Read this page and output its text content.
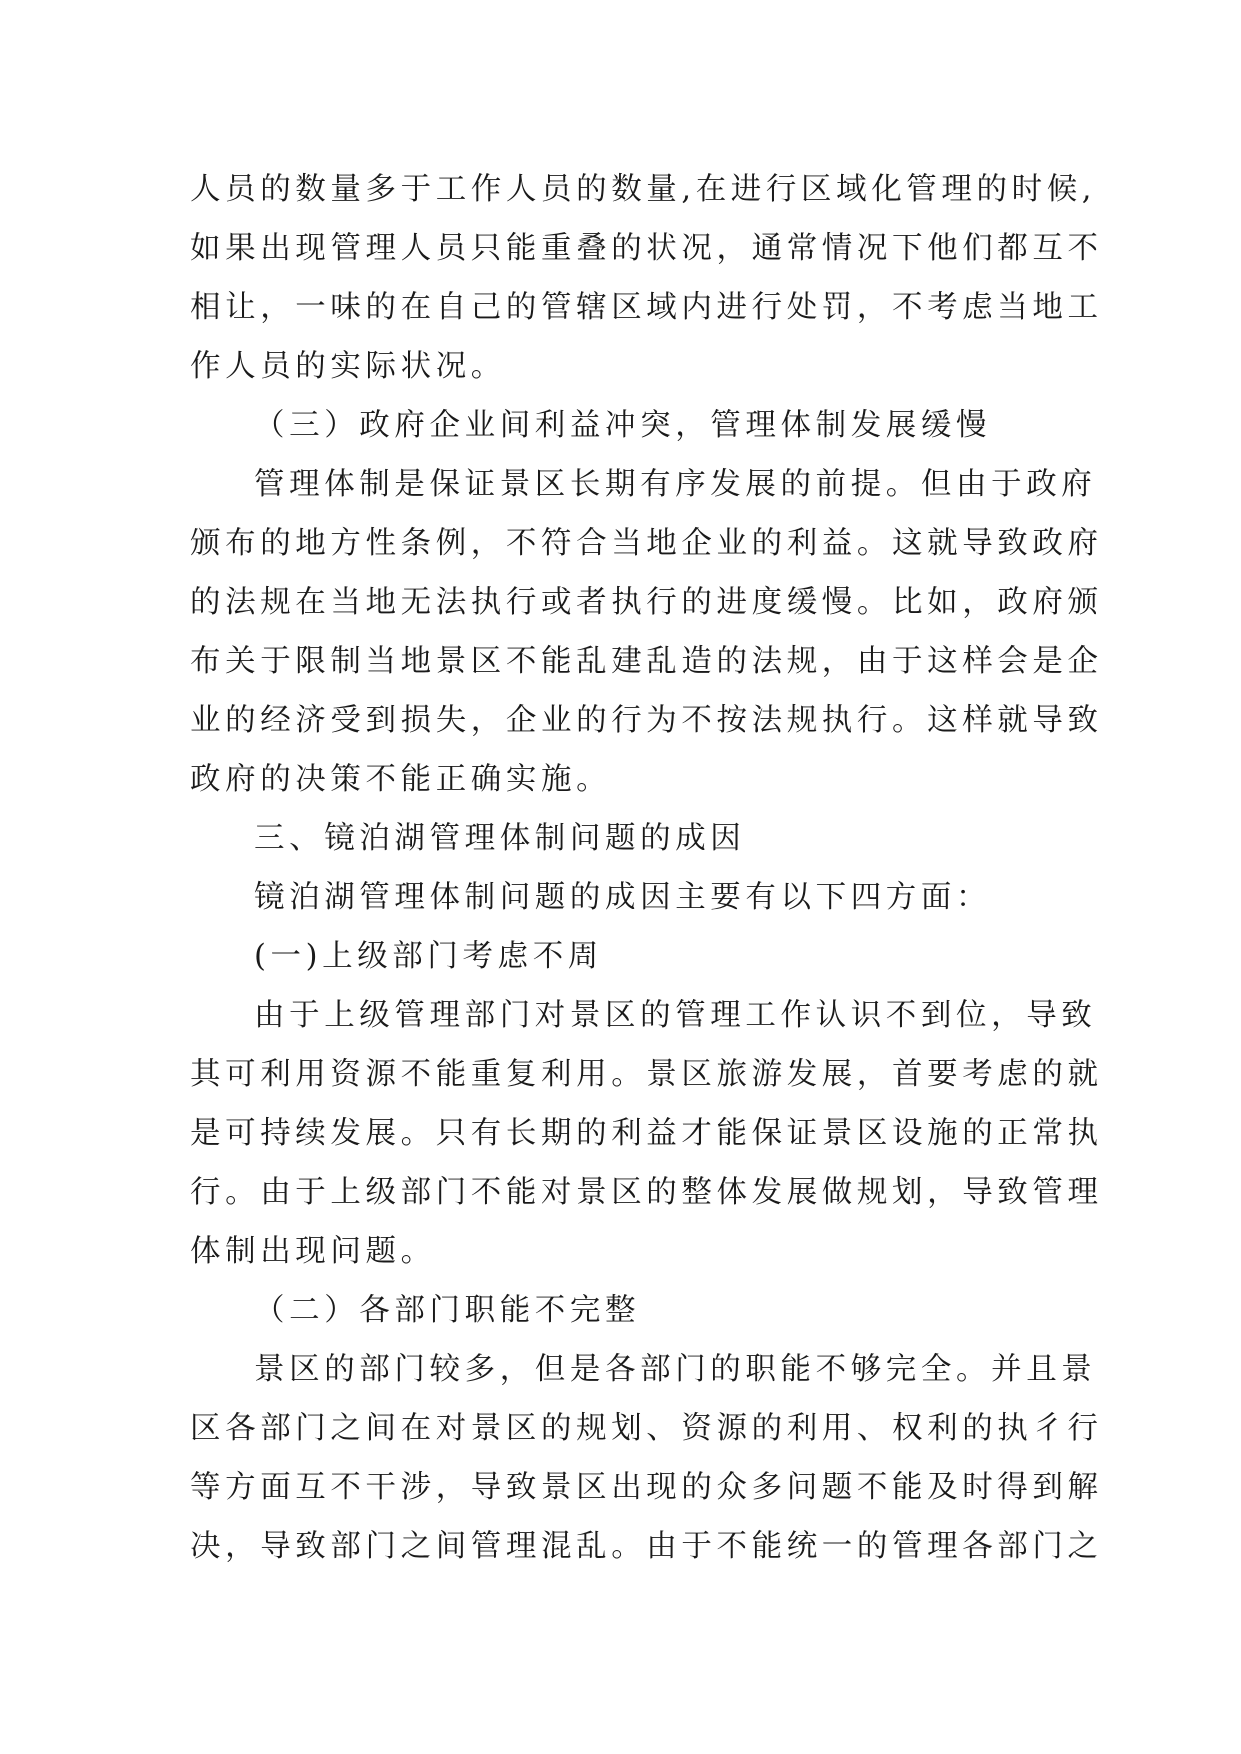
人员的数量多于工作人员的数量,在进行区域化管理的时候,
如果出现管理人员只能重叠的状况，通常情况下他们都互不
相让，一味的在自己的管辖区域内进行处罚，不考虑当地工
作人员的实际状况。
（三）政府企业间利益冲突，管理体制发展缓慢
管理体制是保证景区长期有序发展的前提。但由于政府
颁布的地方性条例，不符合当地企业的利益。这就导致政府
的法规在当地无法执行或者执行的进度缓慢。比如，政府颁
布关于限制当地景区不能乱建乱造的法规，由于这样会是企
业的经济受到损失，企业的行为不按法规执行。这样就导致
政府的决策不能正确实施。
三、镜泊湖管理体制问题的成因
镜泊湖管理体制问题的成因主要有以下四方面：
(一)上级部门考虑不周
由于上级管理部门对景区的管理工作认识不到位，导致
其可利用资源不能重复利用。景区旅游发展，首要考虑的就
是可持续发展。只有长期的利益才能保证景区设施的正常执
行。由于上级部门不能对景区的整体发展做规划，导致管理
体制出现问题。
（二）各部门职能不完整
景区的部门较多，但是各部门的职能不够完全。并且景
区各部门之间在对景区的规划、资源的利用、权利的执彳行
等方面互不干涉，导致景区出现的众多问题不能及时得到解
决，导致部门之间管理混乱。由于不能统一的管理各部门之
